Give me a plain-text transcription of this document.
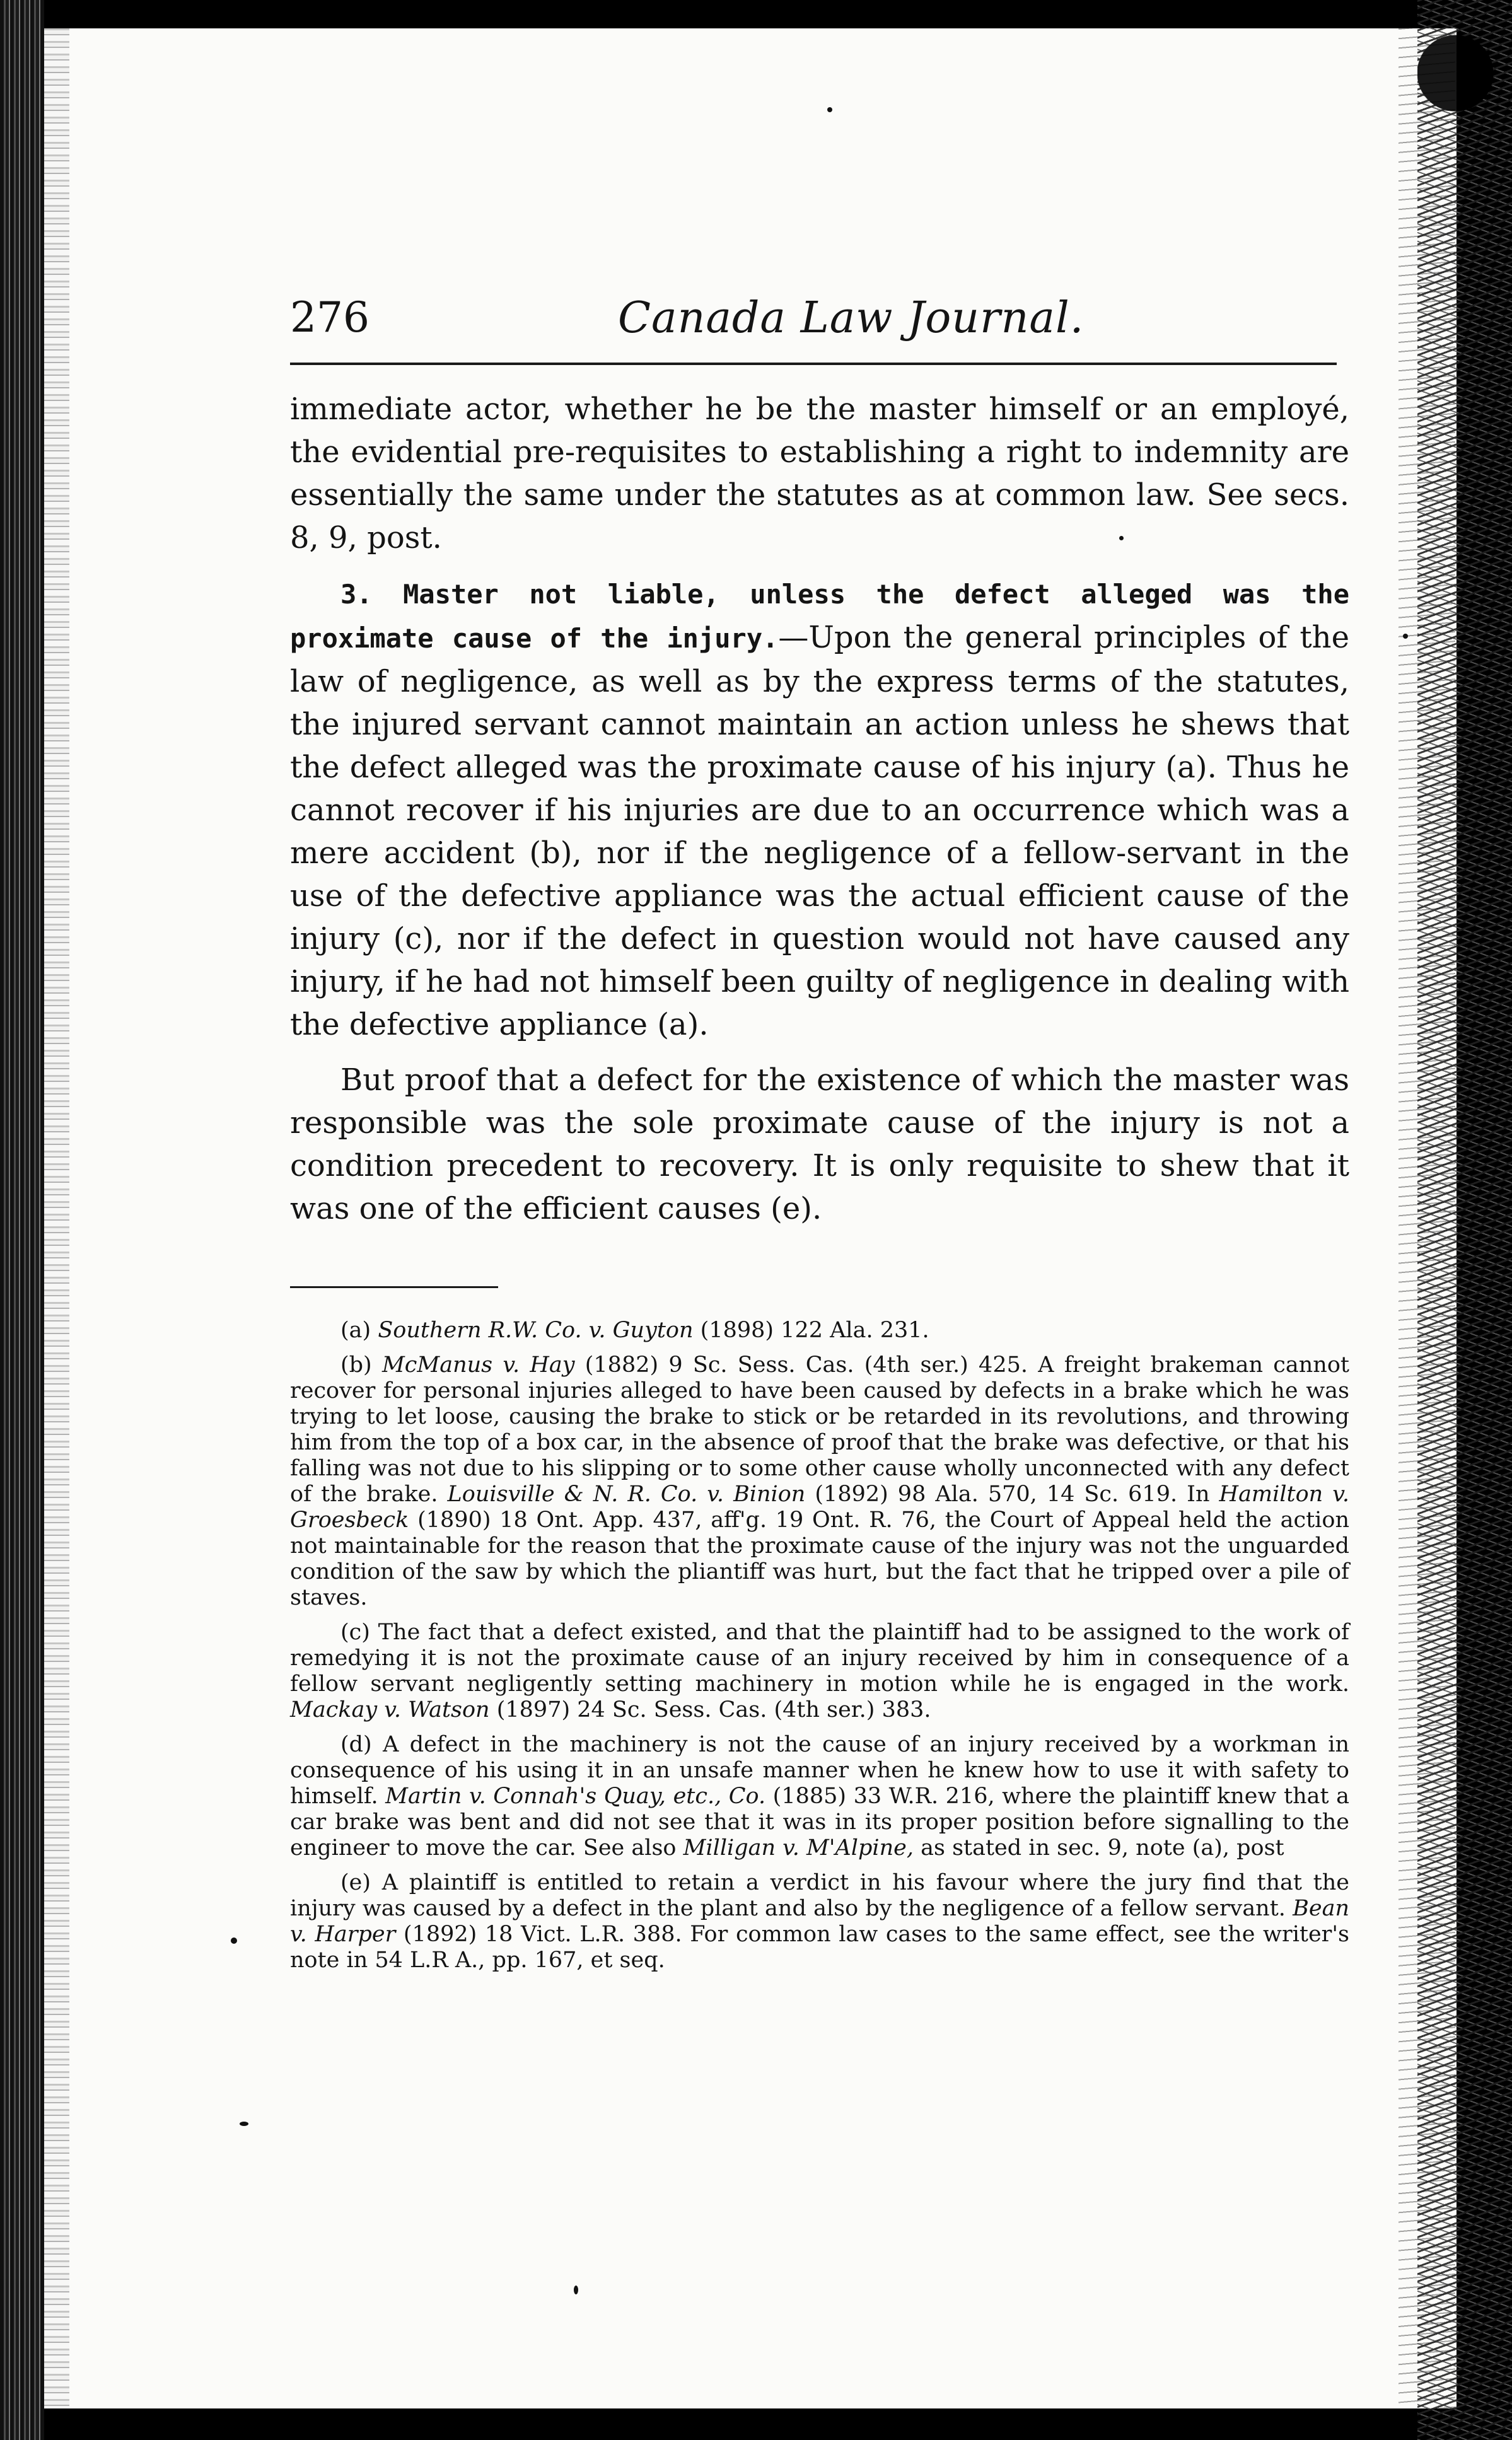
276	Canada Law Journal.

immediate actor, whether he be the master himself or an employé, the evidential pre-requisites to establishing a right to indemnity are essentially the same under the statutes as at common law. See secs. 8, 9, post.

3. Master not liable, unless the defect alleged was the proximate cause of the injury.—Upon the general principles of the law of negligence, as well as by the express terms of the statutes, the injured servant cannot maintain an action unless he shews that the defect alleged was the proximate cause of his injury (a). Thus he cannot recover if his injuries are due to an occurrence which was a mere accident (b), nor if the negligence of a fellow-servant in the use of the defective appliance was the actual efficient cause of the injury (c), nor if the defect in question would not have caused any injury, if he had not himself been guilty of negligence in dealing with the defective appliance (a).

But proof that a defect for the existence of which the master was responsible was the sole proximate cause of the injury is not a condition precedent to recovery. It is only requisite to shew that it was one of the efficient causes (e).

(a) Southern R.W. Co. v. Guyton (1898) 122 Ala. 231.

(b) McManus v. Hay (1882) 9 Sc. Sess. Cas. (4th ser.) 425. A freight brakeman cannot recover for personal injuries alleged to have been caused by defects in a brake which he was trying to let loose, causing the brake to stick or be retarded in its revolutions, and throwing him from the top of a box car, in the absence of proof that the brake was defective, or that his falling was not due to his slipping or to some other cause wholly unconnected with any defect of the brake. Louisville & N. R. Co. v. Binion (1892) 98 Ala. 570, 14 Sc. 619. In Hamilton v. Groesbeck (1890) 18 Ont. App. 437, aff'g. 19 Ont. R. 76, the Court of Appeal held the action not maintainable for the reason that the proximate cause of the injury was not the unguarded condition of the saw by which the pliantiff was hurt, but the fact that he tripped over a pile of staves.

(c) The fact that a defect existed, and that the plaintiff had to be assigned to the work of remedying it is not the proximate cause of an injury received by him in consequence of a fellow servant negligently setting machinery in motion while he is engaged in the work. Mackay v. Watson (1897) 24 Sc. Sess. Cas. (4th ser.) 383.

(d) A defect in the machinery is not the cause of an injury received by a workman in consequence of his using it in an unsafe manner when he knew how to use it with safety to himself. Martin v. Connah's Quay, etc., Co. (1885) 33 W.R. 216, where the plaintiff knew that a car brake was bent and did not see that it was in its proper position before signalling to the engineer to move the car. See also Milligan v. M'Alpine, as stated in sec. 9, note (a), post

(e) A plaintiff is entitled to retain a verdict in his favour where the jury find that the injury was caused by a defect in the plant and also by the negligence of a fellow servant. Bean v. Harper (1892) 18 Vict. L.R. 388. For common law cases to the same effect, see the writer's note in 54 L.R A., pp. 167, et seq.
